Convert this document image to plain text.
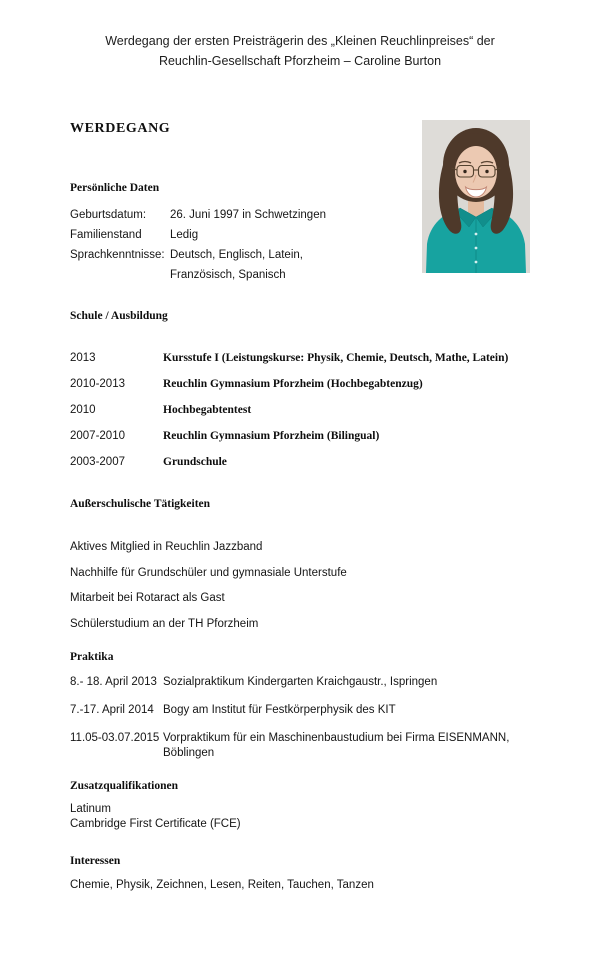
Werdegang der ersten Preisträgerin des „Kleinen Reuchlinpreises“ der
Reuchlin-Gesellschaft Pforzheim – Caroline Burton
WERDEGANG
Persönliche Daten
Geburtsdatum:	26. Juni 1997 in Schwetzingen
Familienstand	Ledig
Sprachkenntnisse: Deutsch, Englisch, Latein,
Französisch, Spanisch
Schule / Ausbildung
2013	Kursstufe I (Leistungskurse: Physik, Chemie, Deutsch, Mathe, Latein)
2010-2013	Reuchlin Gymnasium Pforzheim (Hochbegabtenzug)
2010	Hochbegabtentest
2007-2010	Reuchlin Gymnasium Pforzheim (Bilingual)
2003-2007	Grundschule
Außerschulische Tätigkeiten
Aktives Mitglied in Reuchlin Jazzband
Nachhilfe für Grundschüler und gymnasiale Unterstufe
Mitarbeit bei Rotaract als Gast
Schülerstudium an der TH Pforzheim
Praktika
8.- 18. April 2013 Sozialpraktikum Kindergarten Kraichgaustr., Ispringen
7.-17. April 2014 Bogy am Institut für Festkörperphysik des KIT
11.05-03.07.2015 Vorpraktikum für ein Maschinenbaustudium bei Firma EISENMANN, Böblingen
Zusatzqualifikationen
Latinum
Cambridge First Certificate (FCE)
Interessen
Chemie, Physik, Zeichnen, Lesen, Reiten, Tauchen, Tanzen
